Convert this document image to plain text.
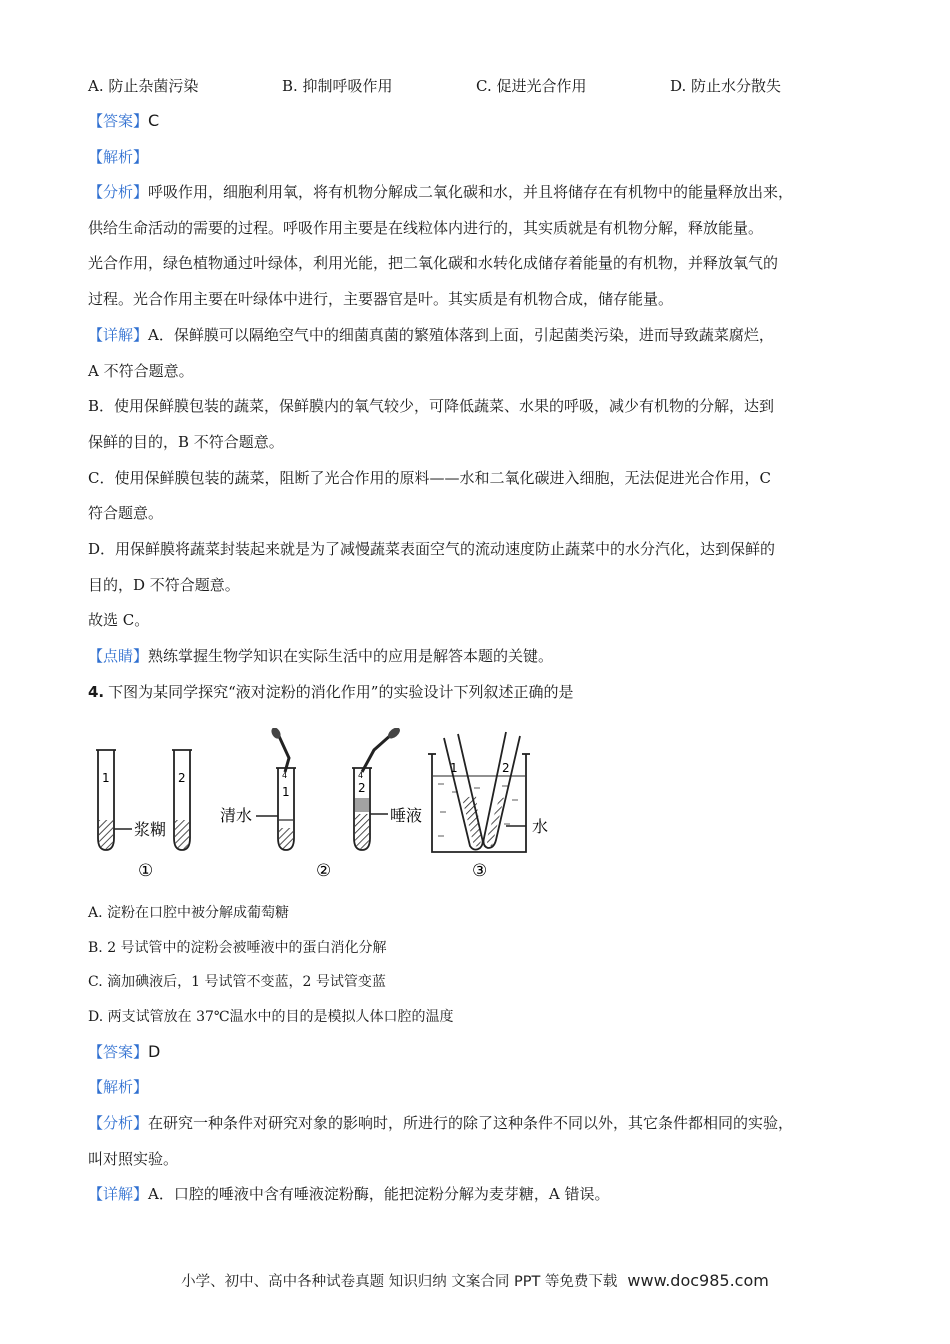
A. 防止杂菌污染	B. 抑制呼吸作用	C. 促进光合作用	D. 防止水分散失
【答案】C
【解析】
【分析】呼吸作用，细胞利用氧，将有机物分解成二氧化碳和水，并且将储存在有机物中的能量释放出来，
供给生命活动的需要的过程。呼吸作用主要是在线粒体内进行的，其实质就是有机物分解，释放能量。
光合作用，绿色植物通过叶绿体，利用光能，把二氧化碳和水转化成储存着能量的有机物，并释放氧气的
过程。光合作用主要在叶绿体中进行，主要器官是叶。其实质是有机物合成，储存能量。
【详解】A．保鲜膜可以隔绝空气中的细菌真菌的繁殖体落到上面，引起菌类污染，进而导致蔬菜腐烂，
A 不符合题意。
B．使用保鲜膜包装的蔬菜，保鲜膜内的氧气较少，可降低蔬菜、水果的呼吸，减少有机物的分解，达到
保鲜的目的，B 不符合题意。
C．使用保鲜膜包装的蔬菜，阻断了光合作用的原料——水和二氧化碳进入细胞，无法促进光合作用，C
符合题意。
D．用保鲜膜将蔬菜封装起来就是为了减慢蔬菜表面空气的流动速度防止蔬菜中的水分汽化，达到保鲜的
目的，D 不符合题意。
故选 C。
【点睛】熟练掌握生物学知识在实际生活中的应用是解答本题的关键。
4. 下图为某同学探究“液对淀粉的消化作用”的实验设计下列叙述正确的是
1	2
浆糊
①
清水
1
4
2
4
唾液
②
1	2
水
③
A. 淀粉在口腔中被分解成葡萄糖
B. 2 号试管中的淀粉会被唾液中的蛋白消化分解
C. 滴加碘液后，1 号试管不变蓝，2 号试管变蓝
D. 两支试管放在 37℃温水中的目的是模拟人体口腔的温度
【答案】D
【解析】
【分析】在研究一种条件对研究对象的影响时，所进行的除了这种条件不同以外，其它条件都相同的实验，
叫对照实验。
【详解】A．口腔的唾液中含有唾液淀粉酶，能把淀粉分解为麦芽糖，A 错误。
小学、初中、高中各种试卷真题 知识归纳 文案合同 PPT 等免费下载 www.doc985.com
